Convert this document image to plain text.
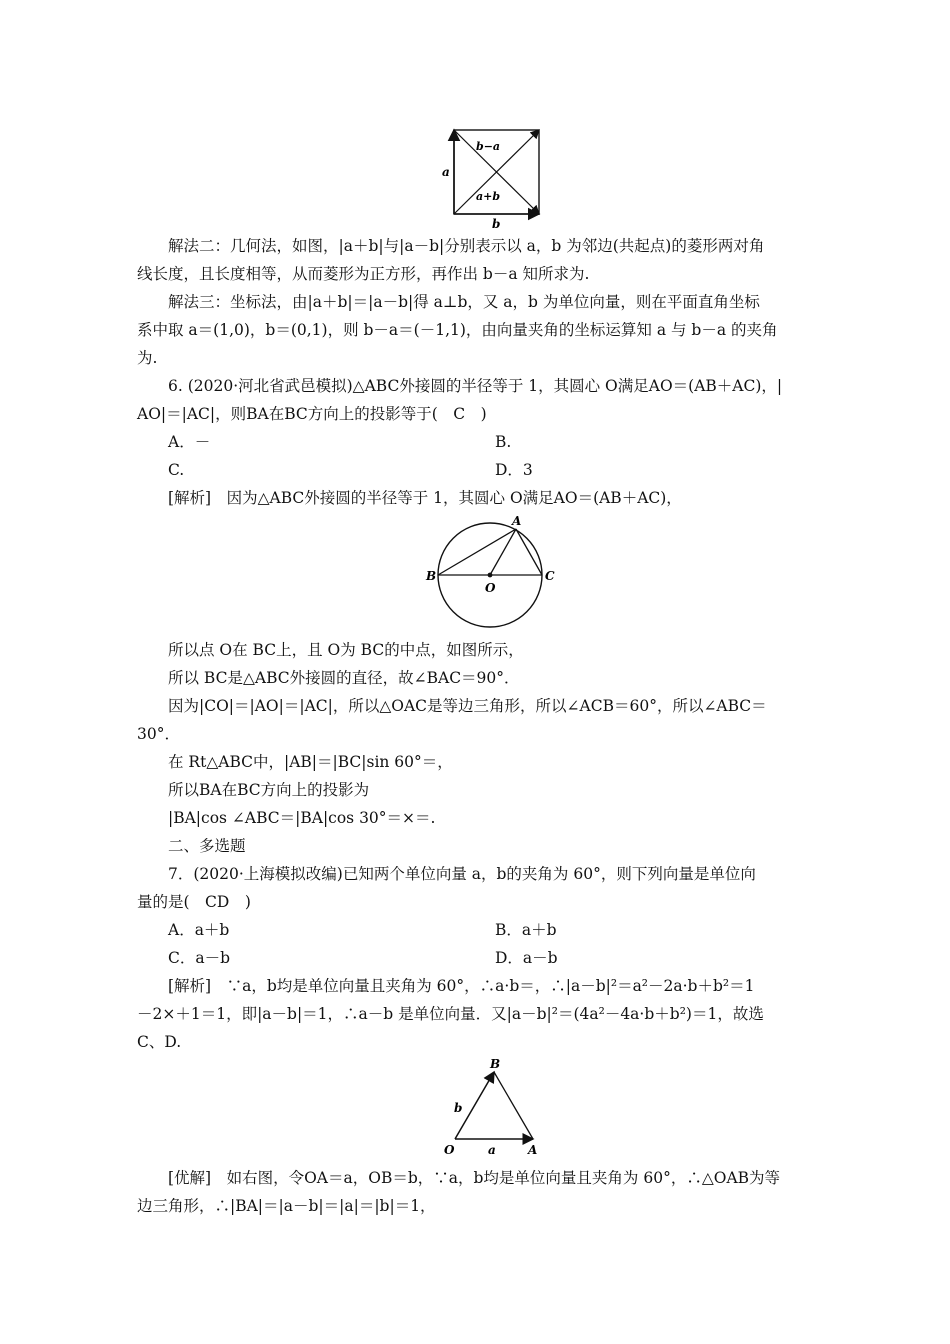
b−a
a+b
a
b
解法二：几何法，如图，|a＋b|与|a－b|分别表示以 a，b 为邻边(共起点)的菱形两对角
线长度，且长度相等，从而菱形为正方形，再作出 b－a 知所求为.
解法三：坐标法，由|a＋b|＝|a－b|得 a⊥b，又 a，b 为单位向量，则在平面直角坐标
系中取 a＝(1,0)，b＝(0,1)，则 b－a＝(－1,1)，由向量夹角的坐标运算知 a 与 b－a 的夹角
为.
6. (2020·河北省武邑模拟)△ABC外接圆的半径等于 1，其圆心 O满足AO＝(AB＋AC)，|
AO|＝|AC|，则BA在BC方向上的投影等于(　C　)
A．－	B.
C.	D．3
[解析]　因为△ABC外接圆的半径等于 1，其圆心 O满足AO＝(AB＋AC)，
A
B	C
O
所以点 O在 BC上，且 O为 BC的中点，如图所示，
所以 BC是△ABC外接圆的直径，故∠BAC＝90°．
因为|CO|＝|AO|＝|AC|，所以△OAC是等边三角形，所以∠ACB＝60°，所以∠ABC＝
30°．
在 Rt△ABC中，|AB|＝|BC|sin 60°＝，
所以BA在BC方向上的投影为
|BA|cos ∠ABC＝|BA|cos 30°＝×＝.
二、多选题
7．(2020·上海模拟改编)已知两个单位向量 a，b的夹角为 60°，则下列向量是单位向
量的是(　CD　)
A．a＋b	B．a＋b
C．a－b	D．a－b
[解析]　∵a，b均是单位向量且夹角为 60°，∴a·b＝，∴|a－b|²＝a²－2a·b＋b²＝1
－2×＋1＝1，即|a－b|＝1，∴a－b 是单位向量．又|a－b|²＝(4a²－4a·b＋b²)＝1，故选
C、D.
B
b
O	a	A
[优解]　如右图，令OA＝a，OB＝b，∵a，b均是单位向量且夹角为 60°，∴△OAB为等
边三角形，∴|BA|＝|a－b|＝|a|＝|b|＝1，
